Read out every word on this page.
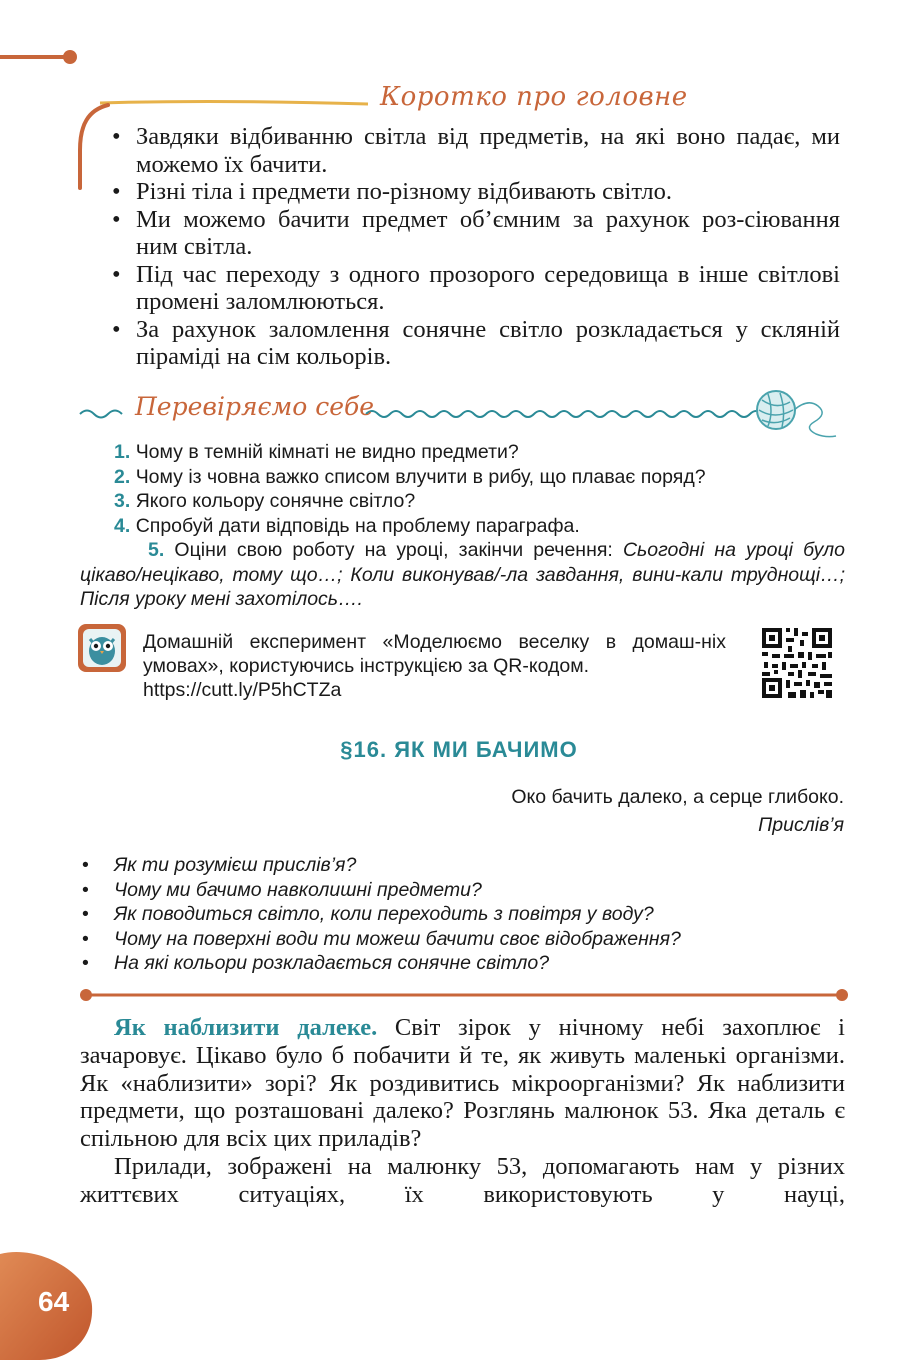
Коротко про головне
• Завдяки відбиванню світла від предметів, на які воно падає, ми можемо їх бачити.
• Різні тіла і предмети по-різному відбивають світло.
• Ми можемо бачити предмет об’ємним за рахунок роз-сіювання ним світла.
• Під час переходу з одного прозорого середовища в інше світлові промені заломлюються.
• За рахунок заломлення сонячне світло розкладається у скляній піраміді на сім кольорів.
Перевіряємо себе
1. Чому в темній кімнаті не видно предмети?
2. Чому із човна важко списом влучити в рибу, що плаває поряд?
3. Якого кольору сонячне світло?
4. Спробуй дати відповідь на проблему параграфа.
5. Оціни свою роботу на уроці, закінчи речення: Сьогодні на уроці було цікаво/нецікаво, тому що…; Коли виконував/-ла завдання, вини-кали труднощі…; Після уроку мені захотілось….
Домашній експеримент «Моделюємо веселку в домаш-ніх умовах», користуючись інструкцією за QR-кодом.
https://cutt.ly/P5hCTZa
§16. ЯК МИ БАЧИМО
Око бачить далеко, а серце глибоко.
Прислів’я
• Як ти розумієш прислів’я?
• Чому ми бачимо навколишні предмети?
• Як поводиться світло, коли переходить з повітря у воду?
• Чому на поверхні води ти можеш бачити своє відображення?
• На які кольори розкладається сонячне світло?

Як наблизити далеке. Світ зірок у нічному небі захоплює і зачаровує. Цікаво було б побачити й те, як живуть маленькі організми. Як «наблизити» зорі? Як роздивитись мікроорганізми? Як наблизити предмети, що розташовані далеко? Розглянь малюнок 53. Яка деталь є спільною для всіх цих приладів?

Прилади, зображені на малюнку 53, допомагають нам у різних життєвих ситуаціях, їх використовують у науці,

64
